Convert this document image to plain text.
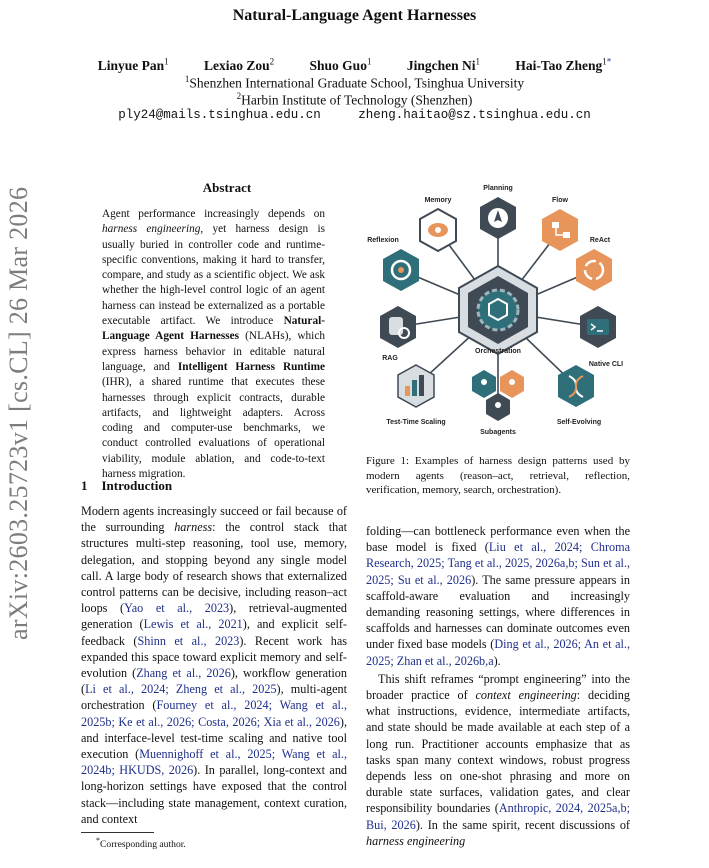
Natural-Language Agent Harnesses
Linyue Pan$^1$	Lexiao Zou$^2$	Shuo Guo$^1$	Jingchen Ni$^1$	Hai-Tao Zheng$^{1*}$
$^1$Shenzhen International Graduate School, Tsinghua University
$^2$Harbin Institute of Technology (Shenzhen)
ply24@mails.tsinghua.edu.cn	zheng.haitao@sz.tsinghua.edu.cn
arXiv:2603.25723v1 [cs.CL] 26 Mar 2026	Abstract
Agent performance increasingly depends on harness engineering, yet harness design is usually buried in controller code and runtime-specific conventions, making it hard to transfer, compare, and study as a scientific object. We ask whether the high-level control logic of an agent harness can instead be externalized as a portable executable artifact. We introduce Natural-Language Agent Harnesses (NLAHs), which express harness behavior in editable natural language, and Intelligent Harness Runtime (IHR), a shared runtime that executes these harnesses through explicit contracts, durable artifacts, and lightweight adapters. Across coding and computer-use benchmarks, we conduct controlled evaluations of operational viability, module ablation, and code-to-text harness migration.
1 Introduction
Modern agents increasingly succeed or fail because of the surrounding harness: the control stack that structures multi-step reasoning, tool use, memory, delegation, and stopping beyond any single model call. A large body of research shows that externalized control patterns can be decisive, including reason–act loops (Yao et al., 2023), retrieval-augmented generation (Lewis et al., 2021), and explicit self-feedback (Shinn et al., 2023). Recent work has expanded this space toward explicit memory and self-evolution (Zhang et al., 2026), workflow generation (Li et al., 2024; Zheng et al., 2025), multi-agent orchestration (Fourney et al., 2024; Wang et al., 2025b; Ke et al., 2026; Costa, 2026; Xia et al., 2026), and interface-level test-time scaling and native tool execution (Muennighoff et al., 2025; Wang et al., 2024b; HKUDS, 2026). In parallel, long-context and long-horizon settings have exposed that the control stack—including state management, context curation, and context
*Corresponding author.

folding—can bottleneck performance even when the base model is fixed (Liu et al., 2024; Chroma Research, 2025; Tang et al., 2025, 2026a,b; Sun et al., 2025; Su et al., 2026). The same pressure appears in scaffold-aware evaluation and increasingly demanding reasoning settings, where differences in scaffolds and harnesses can dominate outcomes even under fixed base models (Ding et al., 2026; An et al., 2025; Zhan et al., 2026b,a).

This shift reframes “prompt engineering” into the broader practice of context engineering: deciding what instructions, evidence, intermediate artifacts, and state should be made available at each step of a long run. Practitioner accounts emphasize that as tasks span many context windows, robust progress depends less on one-shot phrasing and more on durable state surfaces, validation gates, and clear responsibility boundaries (Anthropic, 2024, 2025a,b; Bui, 2026). In the same spirit, recent discussions of harness engineering

Orchestration
Memory
Planning
Flow
Reflexion	ReAct
RAG
Native CLI
Test-Time Scaling
Subagents
Self-Evolving
Figure 1: Examples of harness design patterns used by modern agents (reason–act, retrieval, reflection, verification, memory, search, orchestration).
